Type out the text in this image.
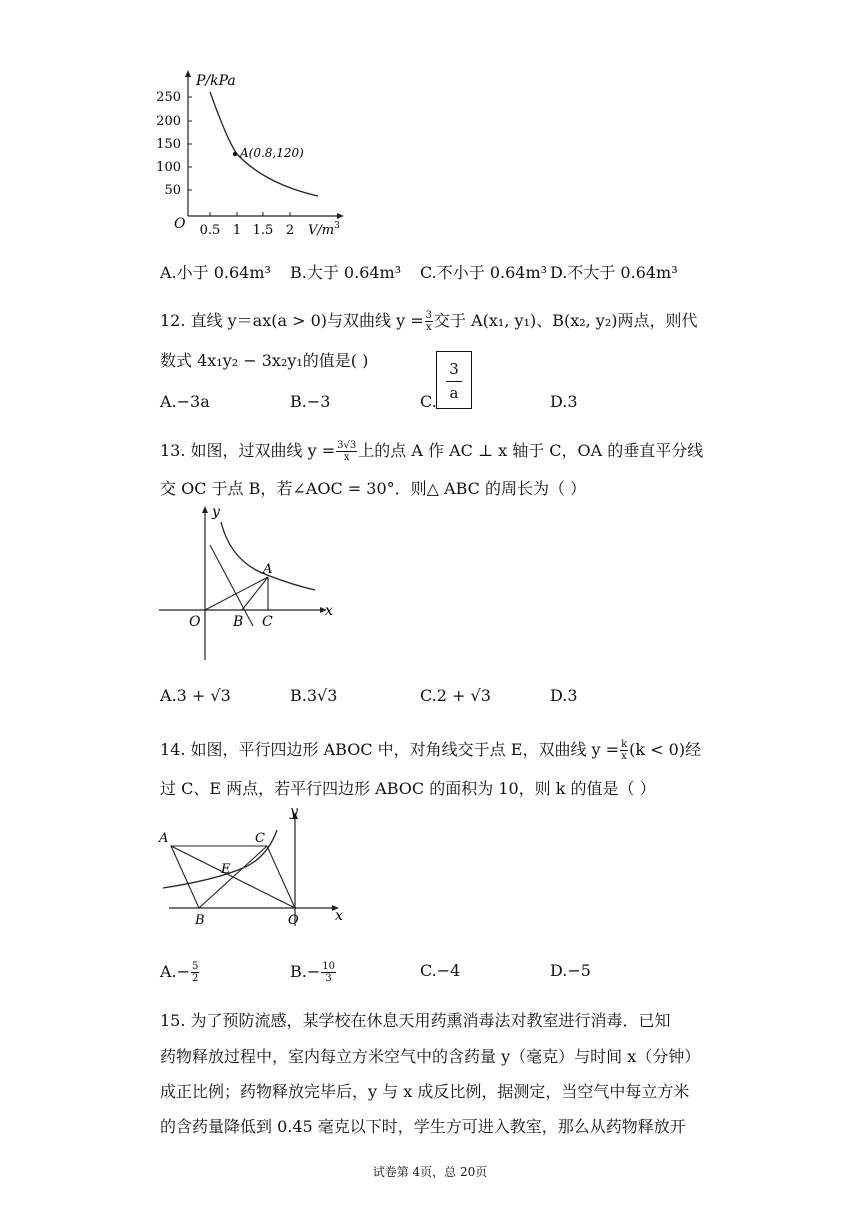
P/kPa
250
200
150
100
50
O 0.5 1 1.5 2 $V/m^3$
A(0.8,120)
A.小于 0.64m³ B.大于 0.64m³ C.不小于 0.64m³ D.不大于 0.64m³
12. 直线 y＝ax(a > 0)与双曲线 $y = \frac{3}{x}$ 交于 A(x₁, y₁)、B(x₂, y₂)两点，则代
数式 4x₁y₂ − 3x₂y₁的值是( )
A.−3a	B.−3	C.
3
a	D.3
13. 如图，过双曲线 $y = \frac{3√3}{x}$ 上的点 A 作 AC ⊥ x 轴于 C，OA 的垂直平分线
交 OC 于点 B，若∠AOC = 30°．则△ ABC 的周长为（ ）
y
x
O
A
B C
A.3 + √3	B.3√3	C.2 + √3	D.3
14. 如图，平行四边形 ABOC 中，对角线交于点 E，双曲线 $y = \frac{k}{x} (k < 0)$经
过 C、E 两点，若平行四边形 ABOC 的面积为 10，则 k 的值是（ ）
y
x
A	C
E
B	O
$A.- \frac{5}{2}$	$B.- \frac{10}{3}$	C.−4	D.−5
15. 为了预防流感，某学校在休息天用药熏消毒法对教室进行消毒．已知
药物释放过程中，室内每立方米空气中的含药量 y（毫克）与时间 x（分钟）
成正比例；药物释放完毕后，y 与 x 成反比例，据测定，当空气中每立方米
的含药量降低到 0.45 毫克以下时，学生方可进入教室，那么从药物释放开
试卷第 4页，总 20页
